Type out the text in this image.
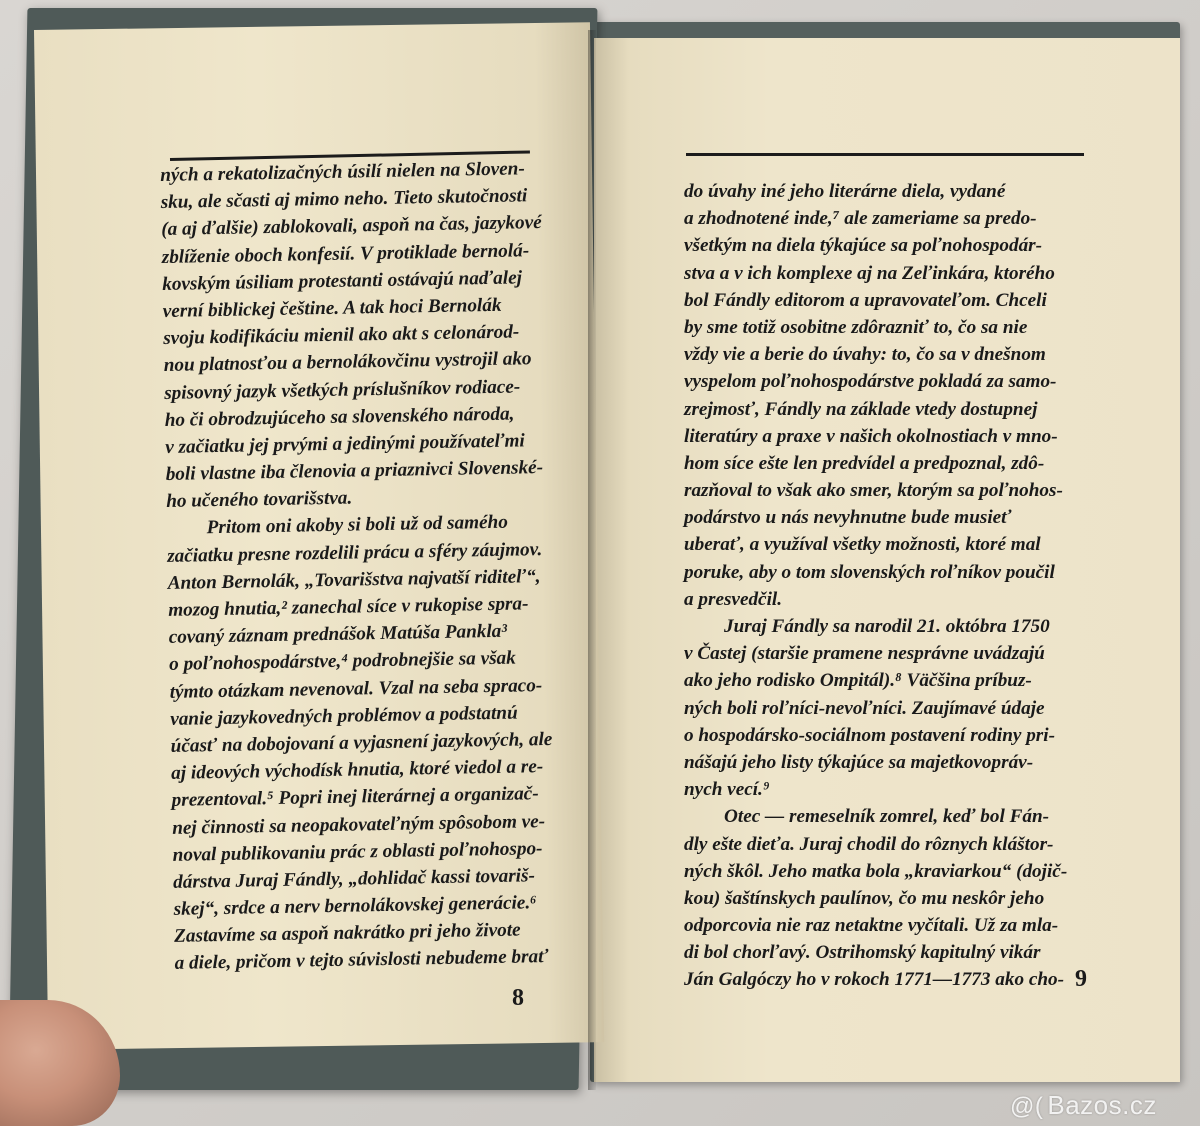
ných a rekatolizačných úsilí nielen na Sloven-
sku, ale sčasti aj mimo neho. Tieto skutočnosti
(a aj ďalšie) zablokovali, aspoň na čas, jazykové
zblíženie oboch konfesií. V protiklade bernolá-
kovským úsiliam protestanti ostávajú naďalej
verní biblickej češtine. A tak hoci Bernolák
svoju kodifikáciu mienil ako akt s celonárod-
nou platnosťou a bernolákovčinu vystrojil ako
spisovný jazyk všetkých príslušníkov rodiace-
ho či obrodzujúceho sa slovenského národa,
v začiatku jej prvými a jedinými používateľmi
boli vlastne iba členovia a priaznivci Slovenské-
ho učeného tovarišstva.
Pritom oni akoby si boli už od samého
začiatku presne rozdelili prácu a sféry záujmov.
Anton Bernolák, „Tovarišstva najvatší riditeľ“,
mozog hnutia,² zanechal síce v rukopise spra-
covaný záznam prednášok Matúša Pankla³
o poľnohospodárstve,⁴ podrobnejšie sa však
týmto otázkam nevenoval. Vzal na seba spraco-
vanie jazykovedných problémov a podstatnú
účasť na dobojovaní a vyjasnení jazykových, ale
aj ideových východísk hnutia, ktoré viedol a re-
prezentoval.⁵ Popri inej literárnej a organizač-
nej činnosti sa neopakovateľným spôsobom ve-
noval publikovaniu prác z oblasti poľnohospo-
dárstva Juraj Fándly, „dohlidač kassi tovariš-
skej“, srdce a nerv bernolákovskej generácie.⁶
Zastavíme sa aspoň nakrátko pri jeho živote
a diele, pričom v tejto súvislosti nebudeme brať
do úvahy iné jeho literárne diela, vydané
a zhodnotené inde,⁷ ale zameriame sa predo-
všetkým na diela týkajúce sa poľnohospodár-
stva a v ich komplexe aj na Zeľinkára, ktorého
bol Fándly editorom a upravovateľom. Chceli
by sme totiž osobitne zdôrazniť to, čo sa nie
vždy vie a berie do úvahy: to, čo sa v dnešnom
vyspelom poľnohospodárstve pokladá za samo-
zrejmosť, Fándly na základe vtedy dostupnej
literatúry a praxe v našich okolnostiach v mno-
hom síce ešte len predvídel a predpoznal, zdô-
razňoval to však ako smer, ktorým sa poľnohos-
podárstvo u nás nevyhnutne bude musieť
uberať, a využíval všetky možnosti, ktoré mal
poruke, aby o tom slovenských roľníkov poučil
a presvedčil.
Juraj Fándly sa narodil 21. októbra 1750
v Častej (staršie pramene nesprávne uvádzajú
ako jeho rodisko Ompitál).⁸ Väčšina príbuz-
ných boli roľníci-nevoľníci. Zaujímavé údaje
o hospodársko-sociálnom postavení rodiny pri-
nášajú jeho listy týkajúce sa majetkovopráv-
nych vecí.⁹
Otec — remeselník zomrel, keď bol Fán-
dly ešte dieťa. Juraj chodil do rôznych kláštor-
ných škôl. Jeho matka bola „kraviarkou“ (dojič-
kou) šaštínskych paulínov, čo mu neskôr jeho
odporcovia nie raz netaktne vyčítali. Už za mla-
di bol chorľavý. Ostrihomský kapitulný vikár
Ján Galgóczy ho v rokoch 1771—1773 ako cho-
8
9
@( Bazos.cz
